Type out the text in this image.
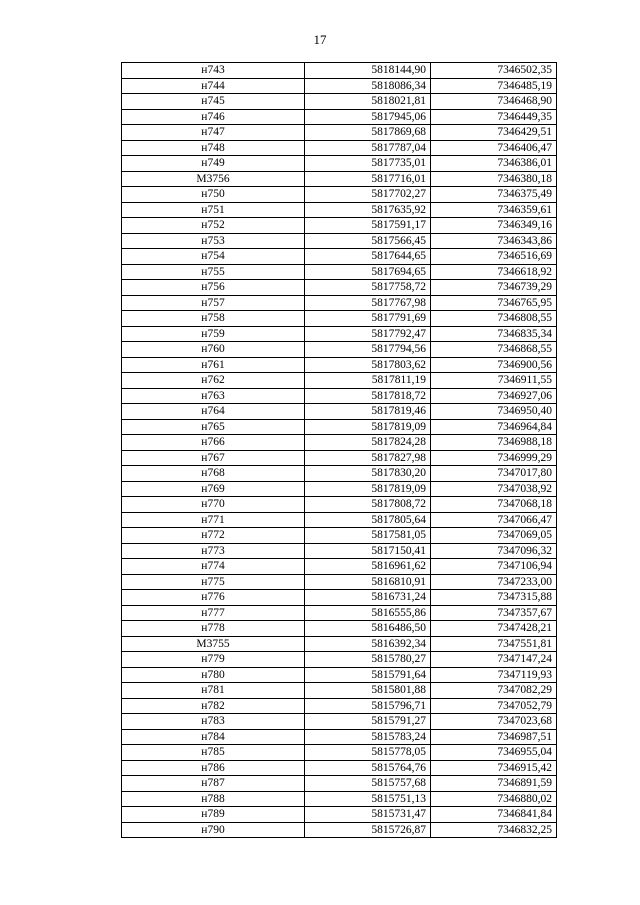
17
н743	5818144,90	7346502,35
н744	5818086,34	7346485,19
н745	5818021,81	7346468,90
н746	5817945,06	7346449,35
н747	5817869,68	7346429,51
н748	5817787,04	7346406,47
н749	5817735,01	7346386,01
М3756	5817716,01	7346380,18
н750	5817702,27	7346375,49
н751	5817635,92	7346359,61
н752	5817591,17	7346349,16
н753	5817566,45	7346343,86
н754	5817644,65	7346516,69
н755	5817694,65	7346618,92
н756	5817758,72	7346739,29
н757	5817767,98	7346765,95
н758	5817791,69	7346808,55
н759	5817792,47	7346835,34
н760	5817794,56	7346868,55
н761	5817803,62	7346900,56
н762	5817811,19	7346911,55
н763	5817818,72	7346927,06
н764	5817819,46	7346950,40
н765	5817819,09	7346964,84
н766	5817824,28	7346988,18
н767	5817827,98	7346999,29
н768	5817830,20	7347017,80
н769	5817819,09	7347038,92
н770	5817808,72	7347068,18
н771	5817805,64	7347066,47
н772	5817581,05	7347069,05
н773	5817150,41	7347096,32
н774	5816961,62	7347106,94
н775	5816810,91	7347233,00
н776	5816731,24	7347315,88
н777	5816555,86	7347357,67
н778	5816486,50	7347428,21
М3755	5816392,34	7347551,81
н779	5815780,27	7347147,24
н780	5815791,64	7347119,93
н781	5815801,88	7347082,29
н782	5815796,71	7347052,79
н783	5815791,27	7347023,68
н784	5815783,24	7346987,51
н785	5815778,05	7346955,04
н786	5815764,76	7346915,42
н787	5815757,68	7346891,59
н788	5815751,13	7346880,02
н789	5815731,47	7346841,84
н790	5815726,87	7346832,25
